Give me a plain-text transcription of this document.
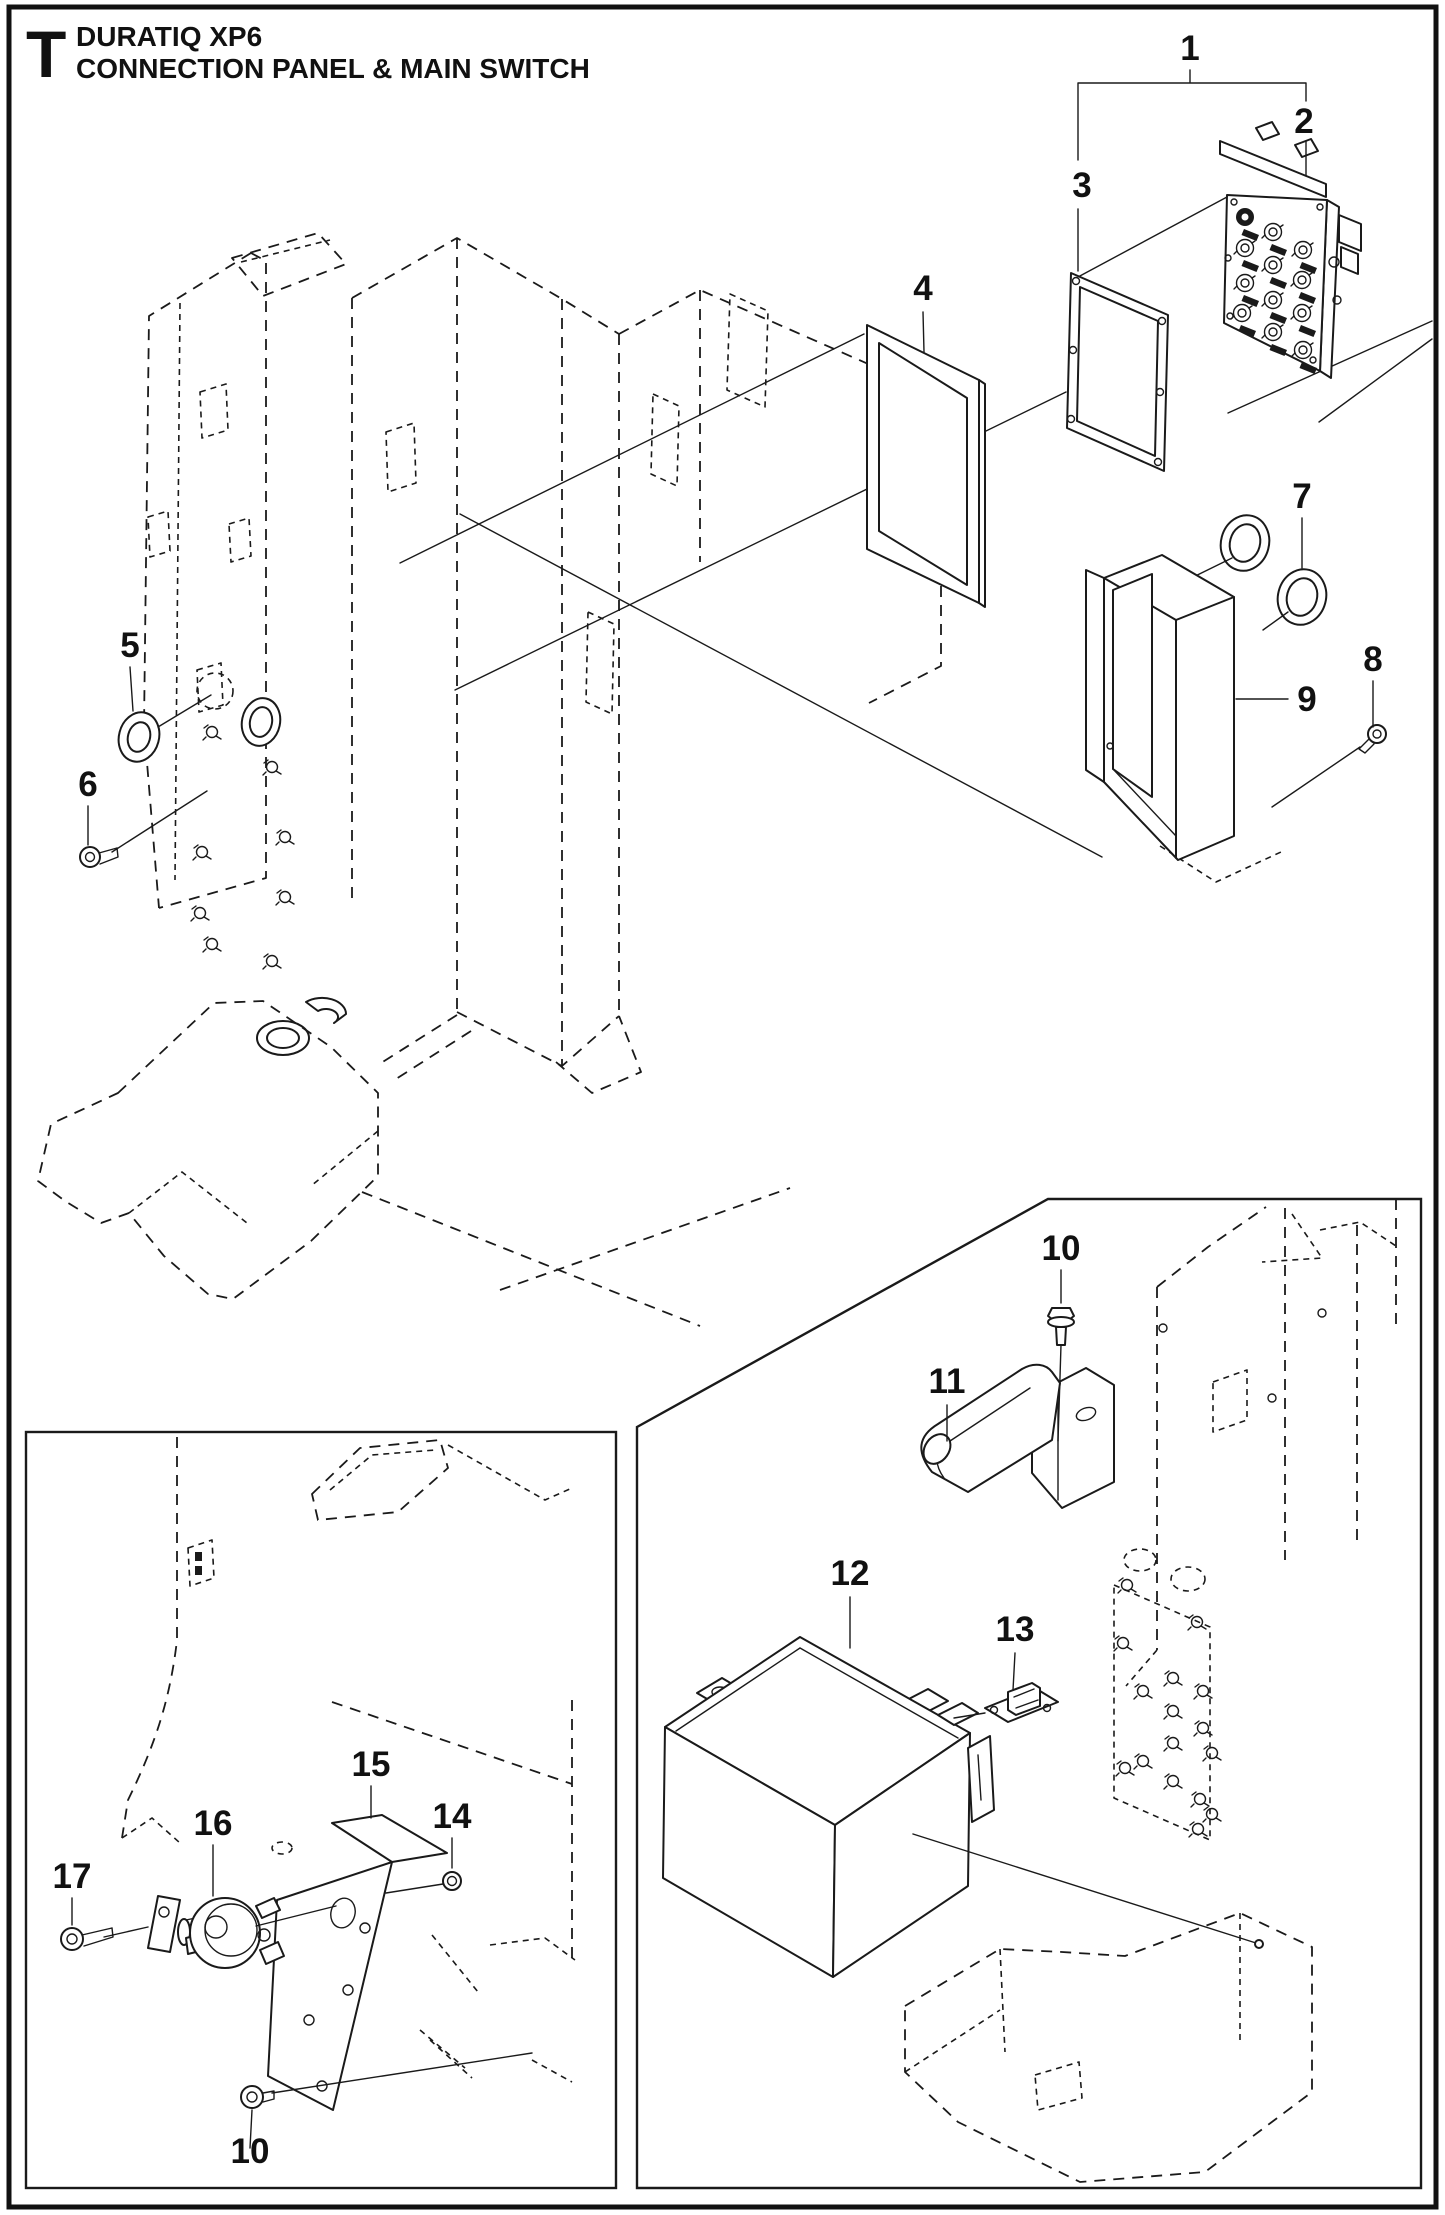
T DURATIQ XP6
CONNECTION PANEL & MAIN SWITCH
1
2
3
4
5
6
7
8
9
10
11
12
13
14
15
16
17
10
